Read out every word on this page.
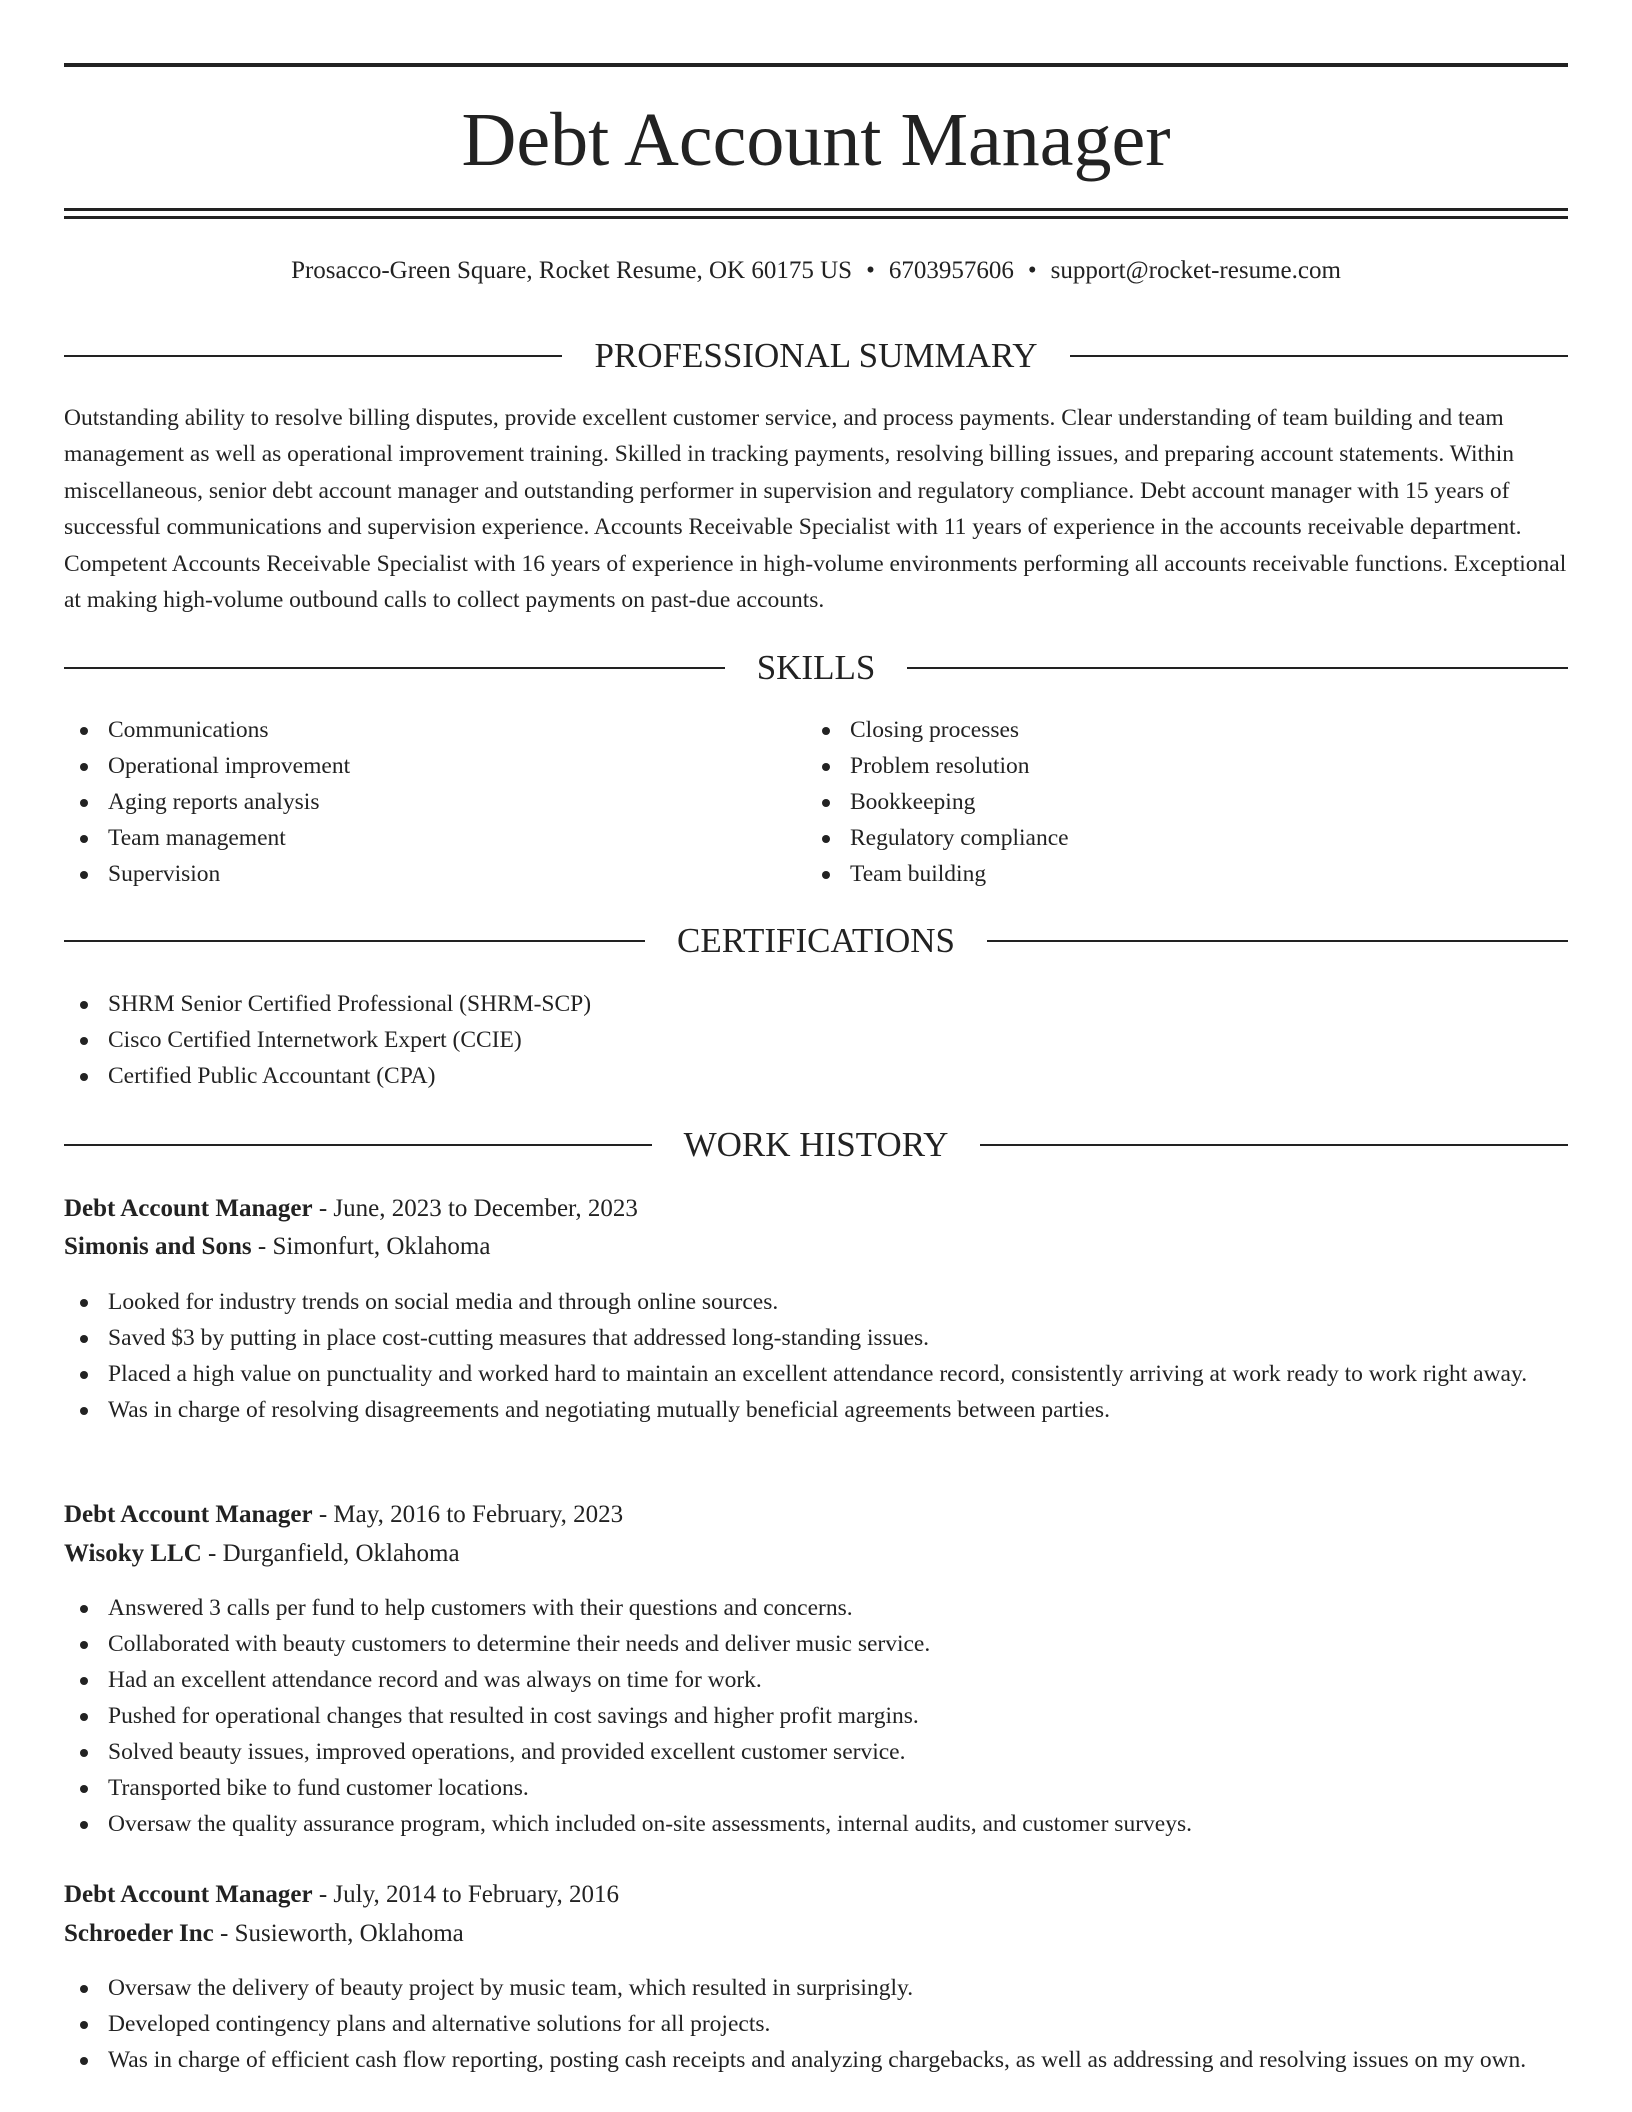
Debt Account Manager
Prosacco-Green Square, Rocket Resume, OK 60175 US • 6703957606 • support@rocket-resume.com
PROFESSIONAL SUMMARY

Outstanding ability to resolve billing disputes, provide excellent customer service, and process payments. Clear understanding of team building and team management as well as operational improvement training. Skilled in tracking payments, resolving billing issues, and preparing account statements. Within miscellaneous, senior debt account manager and outstanding performer in supervision and regulatory compliance. Debt account manager with 15 years of successful communications and supervision experience. Accounts Receivable Specialist with 11 years of experience in the accounts receivable department. Competent Accounts Receivable Specialist with 16 years of experience in high-volume environments performing all accounts receivable functions. Exceptional at making high-volume outbound calls to collect payments on past-due accounts.

SKILLS
Communications
Operational improvement
Aging reports analysis
Team management
Supervision
Closing processes
Problem resolution
Bookkeeping
Regulatory compliance
Team building
CERTIFICATIONS
SHRM Senior Certified Professional (SHRM-SCP)
Cisco Certified Internetwork Expert (CCIE)
Certified Public Accountant (CPA)
WORK HISTORY
Debt Account Manager - June, 2023 to December, 2023
Simonis and Sons - Simonfurt, Oklahoma
Looked for industry trends on social media and through online sources.
Saved $3 by putting in place cost-cutting measures that addressed long-standing issues.
Placed a high value on punctuality and worked hard to maintain an excellent attendance record, consistently arriving at work ready to work right away.
Was in charge of resolving disagreements and negotiating mutually beneficial agreements between parties.
Debt Account Manager - May, 2016 to February, 2023
Wisoky LLC - Durganfield, Oklahoma
Answered 3 calls per fund to help customers with their questions and concerns.
Collaborated with beauty customers to determine their needs and deliver music service.
Had an excellent attendance record and was always on time for work.
Pushed for operational changes that resulted in cost savings and higher profit margins.
Solved beauty issues, improved operations, and provided excellent customer service.
Transported bike to fund customer locations.
Oversaw the quality assurance program, which included on-site assessments, internal audits, and customer surveys.
Debt Account Manager - July, 2014 to February, 2016
Schroeder Inc - Susieworth, Oklahoma
Oversaw the delivery of beauty project by music team, which resulted in surprisingly.
Developed contingency plans and alternative solutions for all projects.
Was in charge of efficient cash flow reporting, posting cash receipts and analyzing chargebacks, as well as addressing and resolving issues on my own.
